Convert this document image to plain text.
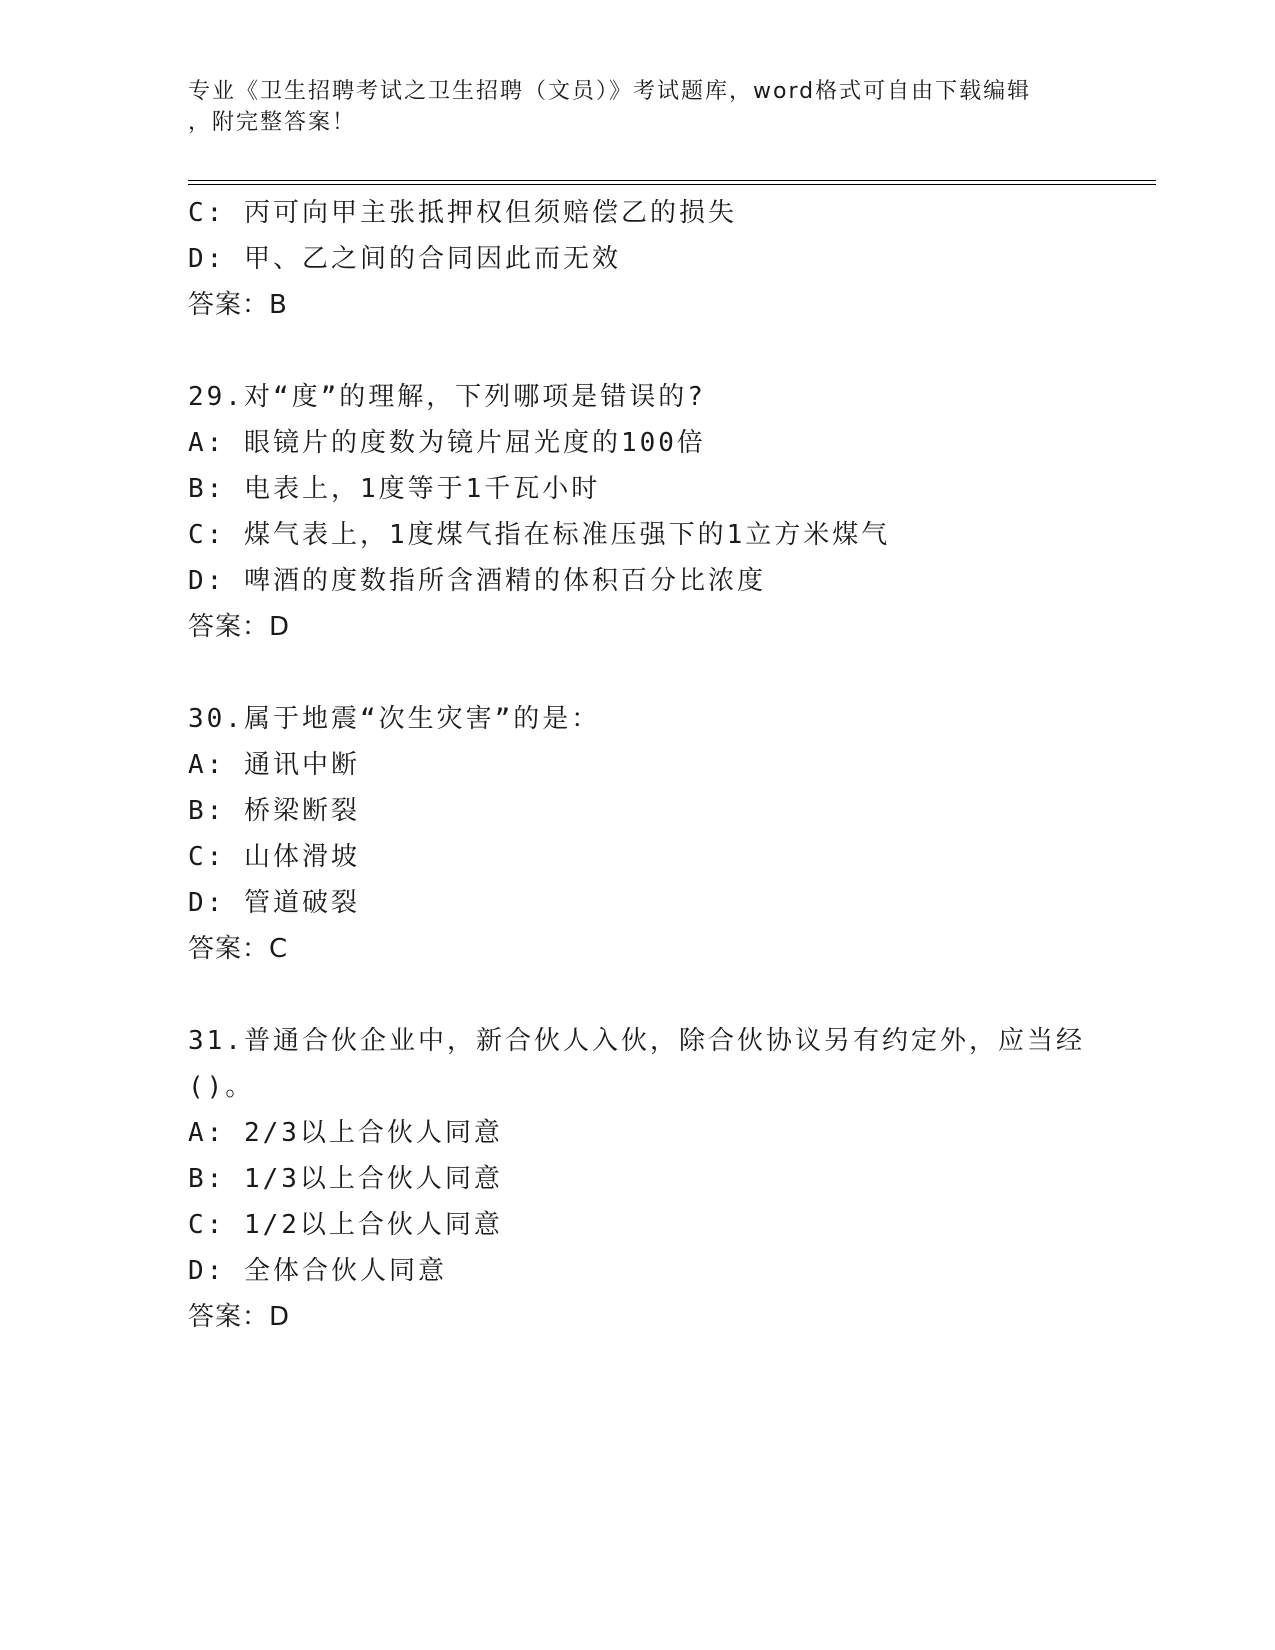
专业《卫生招聘考试之卫生招聘（文员）》考试题库，word格式可自由下载编辑
，附完整答案！
C: 丙可向甲主张抵押权但须赔偿乙的损失
D: 甲、乙之间的合同因此而无效
答案：B
29.对“度”的理解，下列哪项是错误的?
A: 眼镜片的度数为镜片屈光度的100倍
B: 电表上，1度等于1千瓦小时
C: 煤气表上，1度煤气指在标准压强下的1立方米煤气
D: 啤酒的度数指所含酒精的体积百分比浓度
答案：D
30.属于地震“次生灾害”的是：
A: 通讯中断
B: 桥梁断裂
C: 山体滑坡
D: 管道破裂
答案：C
31.普通合伙企业中，新合伙人入伙，除合伙协议另有约定外，应当经
()。
A: 2/3以上合伙人同意
B: 1/3以上合伙人同意
C: 1/2以上合伙人同意
D: 全体合伙人同意
答案：D
